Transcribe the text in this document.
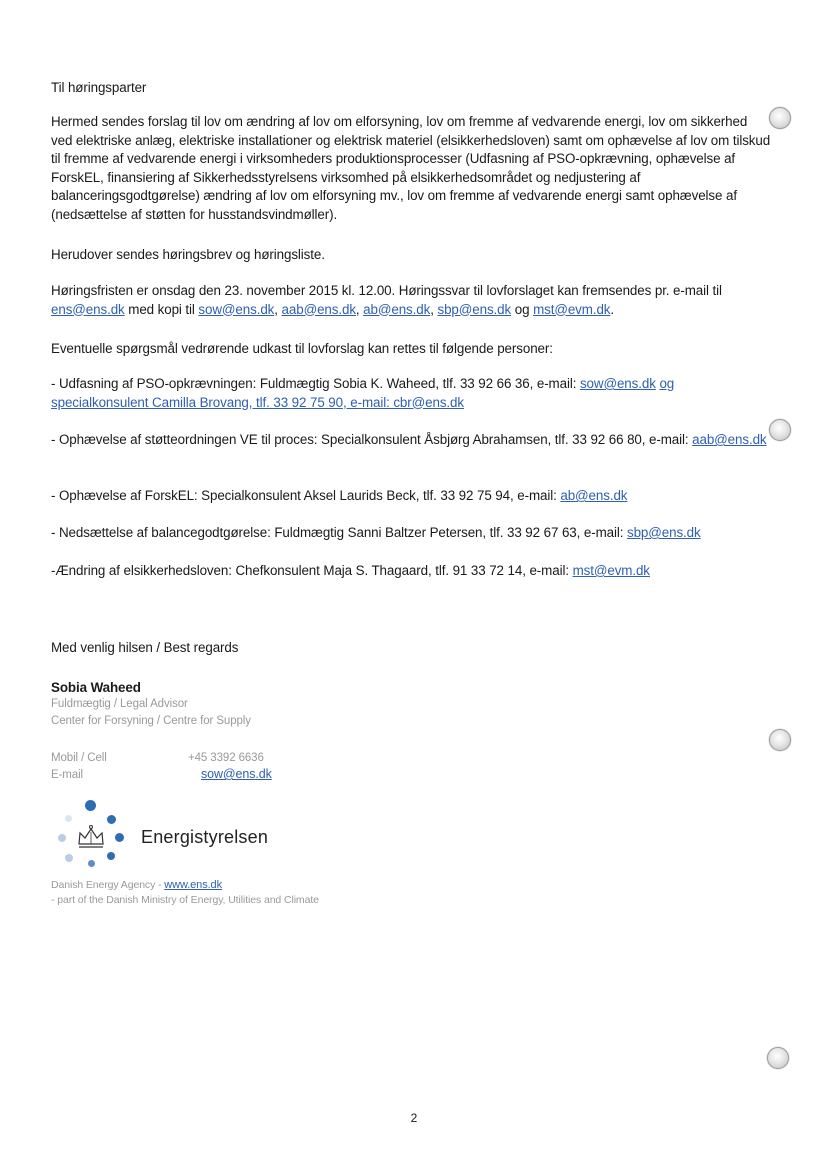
Til høringsparter
Hermed sendes forslag til lov om ændring af lov om elforsyning, lov om fremme af vedvarende energi, lov om sikkerhed ved elektriske anlæg, elektriske installationer og elektrisk materiel (elsikkerhedsloven) samt om ophævelse af lov om tilskud til fremme af vedvarende energi i virksomheders produktionsprocesser (Udfasning af PSO-opkrævning, ophævelse af ForskEL, finansiering af Sikkerhedsstyrelsens virksomhed på elsikkerhedsområdet og nedjustering af balanceringsgodtgørelse) ændring af lov om elforsyning mv., lov om fremme af vedvarende energi samt ophævelse af (nedsættelse af støtten for husstandsvindmøller).
Herudover sendes høringsbrev og høringsliste.
Høringsfristen er onsdag den 23. november 2015 kl. 12.00. Høringssvar til lovforslaget kan fremsendes pr. e-mail til ens@ens.dk med kopi til sow@ens.dk, aab@ens.dk, ab@ens.dk, sbp@ens.dk og mst@evm.dk.
Eventuelle spørgsmål vedrørende udkast til lovforslag kan rettes til følgende personer:
- Udfasning af PSO-opkrævningen: Fuldmægtig Sobia K. Waheed, tlf. 33 92 66 36, e-mail: sow@ens.dk og specialkonsulent Camilla Brovang, tlf. 33 92 75 90, e-mail: cbr@ens.dk
- Ophævelse af støtteordningen VE til proces: Specialkonsulent Åsbjørg Abrahamsen, tlf. 33 92 66 80, e-mail: aab@ens.dk
- Ophævelse af ForskEL: Specialkonsulent Aksel Laurids Beck, tlf. 33 92 75 94, e-mail: ab@ens.dk
- Nedsættelse af balancegodtgørelse: Fuldmægtig Sanni Baltzer Petersen, tlf. 33 92 67 63, e-mail: sbp@ens.dk
-Ændring af elsikkerhedsloven: Chefkonsulent Maja S. Thagaard, tlf. 91 33 72 14, e-mail: mst@evm.dk
Med venlig hilsen / Best regards
Sobia Waheed
Fuldmægtig / Legal Advisor
Center for Forsyning / Centre for Supply
Mobil / Cell	+45 3392 6636
E-mail	sow@ens.dk
Energistyrelsen
Danish Energy Agency - www.ens.dk
- part of the Danish Ministry of Energy, Utilities and Climate
2
